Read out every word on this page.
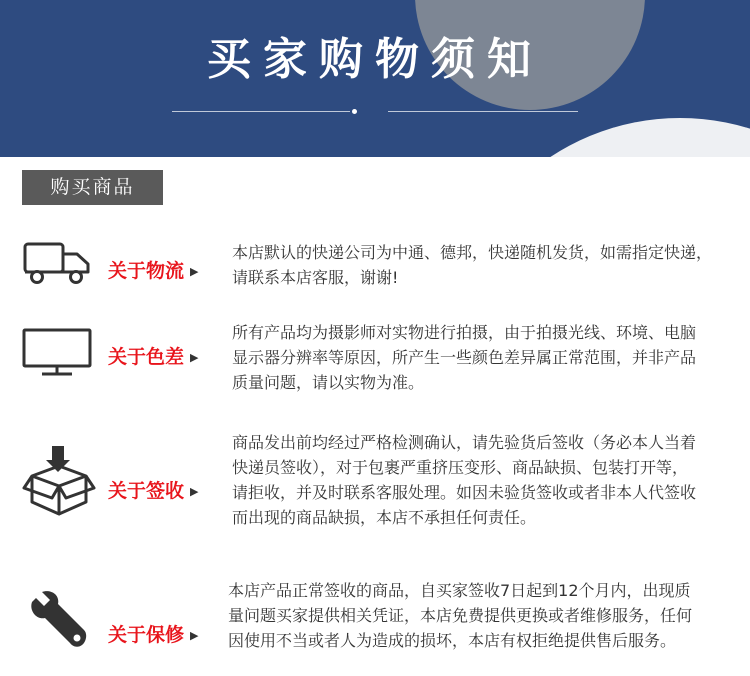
买家购物须知
购买商品
关于物流 ▶

本店默认的快递公司为中通、德邦，快递随机发货，如需指定快递，请联系本店客服，谢谢!

关于色差 ▶

所有产品均为摄影师对实物进行拍摄，由于拍摄光线、环境、电脑显示器分辨率等原因，所产生一些颜色差异属正常范围，并非产品质量问题，请以实物为准。

关于签收 ▶

商品发出前均经过严格检测确认，请先验货后签收（务必本人当着快递员签收），对于包裹严重挤压变形、商品缺损、包装打开等，请拒收，并及时联系客服处理。如因未验货签收或者非本人代签收而出现的商品缺损，本店不承担任何责任。

关于保修 ▶

本店产品正常签收的商品，自买家签收7日起到12个月内，出现质量问题买家提供相关凭证，本店免费提供更换或者维修服务，任何因使用不当或者人为造成的损坏，本店有权拒绝提供售后服务。
